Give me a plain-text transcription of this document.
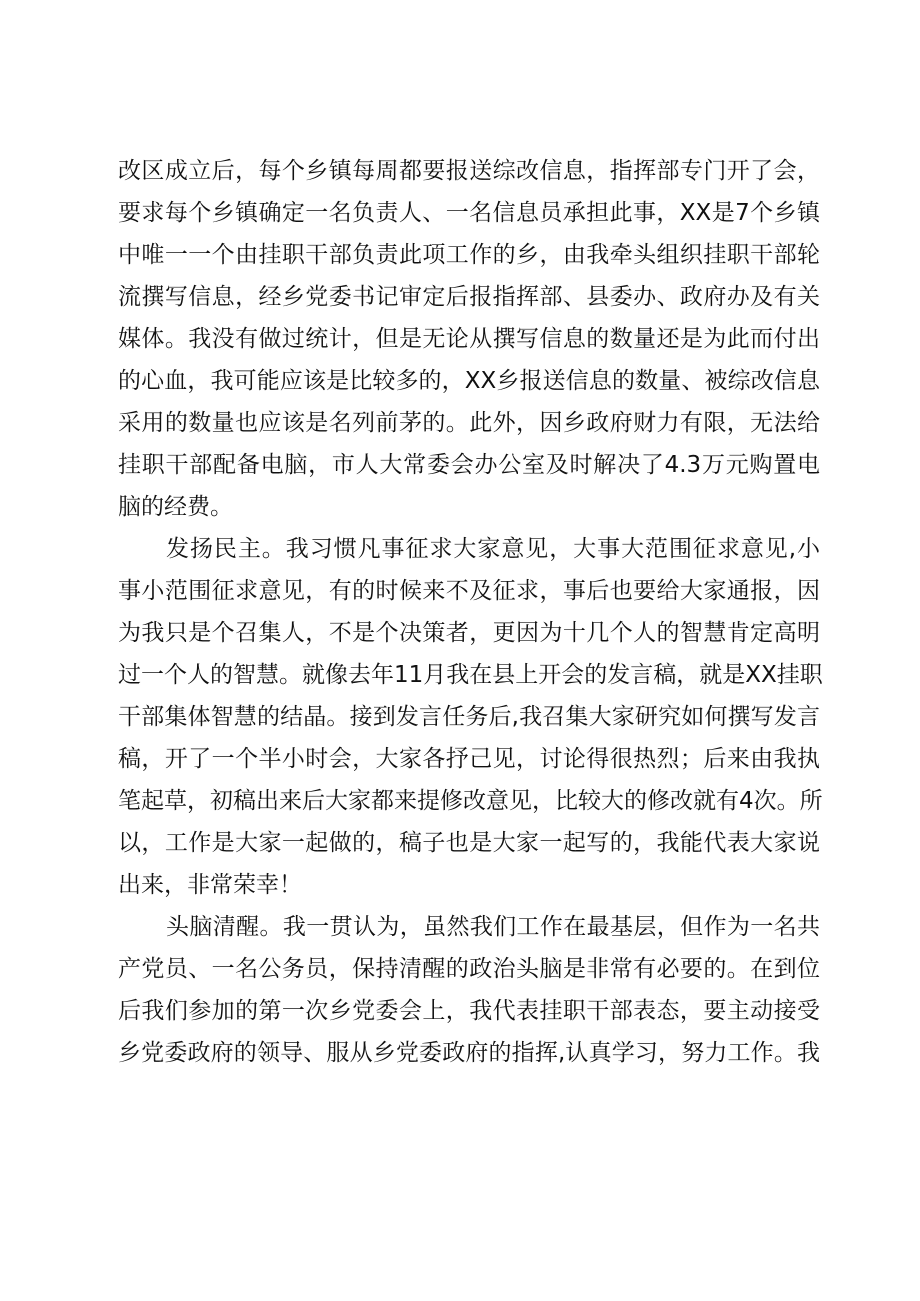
改区成立后，每个乡镇每周都要报送综改信息，指挥部专门开了会，
要求每个乡镇确定一名负责人、一名信息员承担此事，XX是7个乡镇
中唯一一个由挂职干部负责此项工作的乡，由我牵头组织挂职干部轮
流撰写信息，经乡党委书记审定后报指挥部、县委办、政府办及有关
媒体。我没有做过统计，但是无论从撰写信息的数量还是为此而付出
的心血，我可能应该是比较多的，XX乡报送信息的数量、被综改信息
采用的数量也应该是名列前茅的。此外，因乡政府财力有限，无法给
挂职干部配备电脑，市人大常委会办公室及时解决了4.3万元购置电
脑的经费。
发扬民主。我习惯凡事征求大家意见，大事大范围征求意见,小
事小范围征求意见，有的时候来不及征求，事后也要给大家通报，因
为我只是个召集人，不是个决策者，更因为十几个人的智慧肯定高明
过一个人的智慧。就像去年11月我在县上开会的发言稿，就是XX挂职
干部集体智慧的结晶。接到发言任务后,我召集大家研究如何撰写发言
稿，开了一个半小时会，大家各抒己见，讨论得很热烈；后来由我执
笔起草，初稿出来后大家都来提修改意见，比较大的修改就有4次。所
以，工作是大家一起做的，稿子也是大家一起写的，我能代表大家说
出来，非常荣幸！
头脑清醒。我一贯认为，虽然我们工作在最基层，但作为一名共
产党员、一名公务员，保持清醒的政治头脑是非常有必要的。在到位
后我们参加的第一次乡党委会上，我代表挂职干部表态，要主动接受
乡党委政府的领导、服从乡党委政府的指挥,认真学习，努力工作。我
